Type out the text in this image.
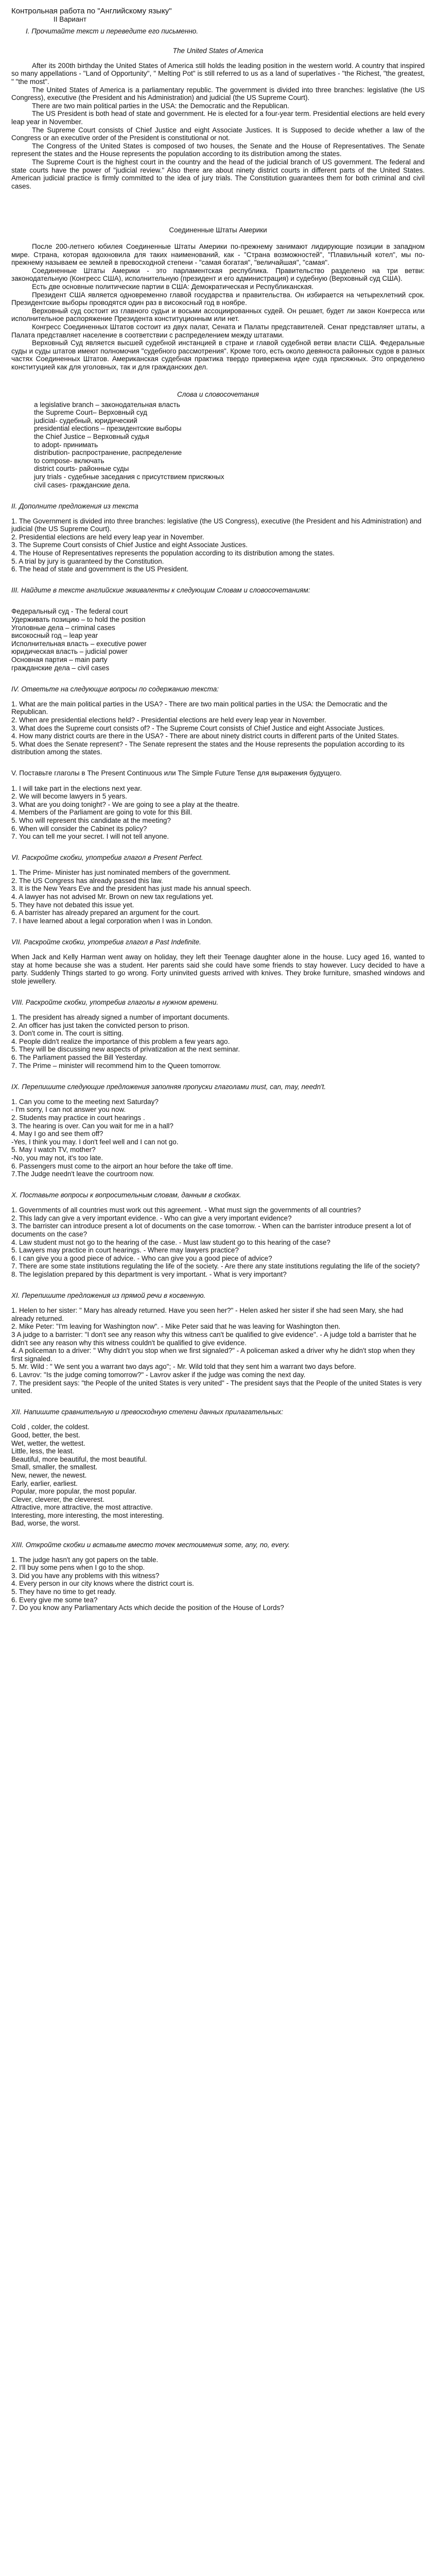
Контрольная работа по "Английскому языку"

II Вариант

I. Прочитайте текст и переведите его письменно.

The United States of America

After its 200th birthday the United States of America still holds the leading position in the western world. A country that inspired so many appellations - "Land of Opportunity", " Melting Pot" is still referred to us as a land of superlatives - "the Richest, "the greatest, " "the most".

The United States of America is a parliamentary republic. The government is divided into three branches: legislative (the US Congress), executive (the President and his Administration) and judicial (the US Supreme Court).

There are two main political parties in the USA: the Democratic and the Republican.

The US President is both head of state and government. He is elected for a four-year term. Presidential elections are held every leap year in November.

The Supreme Court consists of Chief Justice and eight Associate Justices. It is Supposed to decide whether a law of the Congress or an executive order of the President is constitutional or not.

The Congress of the United States is composed of two houses, the Senate and the House of Representatives. The Senate represent the states and the House represents the population according to its distribution among the states.

The Supreme Court is the highest court in the country and the head of the judicial branch of US government. The federal and state courts have the power of "judicial review." Also there are about ninety district courts in different parts of the United States. American judicial practice is firmly committed to the idea of jury trials. The Constitution guarantees them for both criminal and civil cases.

Соединенные Штаты Америки

После 200-летнего юбилея Соединенные Штаты Америки по-прежнему занимают лидирующие позиции в западном мире. Страна, которая вдохновила для таких наименований, как - "Страна возможностей", "Плавильный котел", мы по-прежнему называем ее землей в превосходной степени - "самая богатая", "величайшая", "самая".

Соединенные Штаты Америки - это парламентская республика. Правительство разделено на три ветви: законодательную (Конгресс США), исполнительную (президент и его администрация) и судебную (Верховный суд США).

Есть две основные политические партии в США: Демократическая и Республиканская.

Президент США является одновременно главой государства и правительства. Он избирается на четырехлетний срок. Президентские выборы проводятся один раз в високосный год в ноябре.

Верховный суд состоит из главного судьи и восьми ассоциированных судей. Он решает, будет ли закон Конгресса или исполнительное распоряжение Президента конституционным или нет.

Конгресс Соединенных Штатов состоит из двух палат, Сената и Палаты представителей. Сенат представляет штаты, а Палата представляет население в соответствии с распределением между штатами.

Верховный Суд является высшей судебной инстанцией в стране и главой судебной ветви власти США. Федеральные суды и суды штатов имеют полномочия "судебного рассмотрения". Кроме того, есть около девяноста районных судов в разных частях Соединенных Штатов. Американская судебная практика твердо привержена идее суда присяжных. Это определено конституцией как для уголовных, так и для гражданских дел.

Слова и словосочетания

a legislative branch – законодательная власть

the Supreme Court– Верховный суд

judicial- судебный, юридический

presidential elections – президентские выборы

the Chief Justice – Верховный судья

to adopt- принимать

distribution- распространение, распределение

to compose- включать

district courts- районные суды

jury trials - судебные заседания с присутствием присяжных

civil cases- гражданские дела.

II. Дополните предложения из текста

1. The Government is divided into three branches: legislative (the US Congress), executive (the President and his Administration) and judicial (the US Supreme Court).

2. Presidential elections are held every leap year in November.

3. The Supreme Court consists of Chief Justice and eight Associate Justices.

4. The House of Representatives represents the population according to its distribution among the states.

5. A trial by jury is guaranteed by the Constitution.

6. The head of state and government is the US President.

III. Найдите в тексте английские эквиваленты к следующим Словам и словосочетаниям:

Федеральный суд - The federal court

Удерживать позицию – to hold the position

Уголовные дела – criminal cases

високосный год – leap year

Исполнительная власть – executive power

юридическая власть – judicial power

Основная партия – main party

гражданские дела – civil cases

IV. Ответьте на следующие вопросы по содержанию текста:

1. What are the main political parties in the USA? - There are two main political parties in the USA: the Democratic and the Republican.

2. When are presidential elections held? - Presidential elections are held every leap year in November.

3. What does the Supreme court consists of? - The Supreme Court consists of Chief Justice and eight Associate Justices.

4. How many district courts are there in the USA? - There are about ninety district courts in different parts of the United States.

5. What does the Senate represent? - The Senate represent the states and the House represents the population according to its distribution among the states.

V. Поставьте глаголы в The Present Continuous или The Simple Future Tense для выражения будущего.

1. I will take part in the elections next year.

2. We will become lawyers in 5 years.

3. What are you doing tonight? - We are going to see a play at the theatre.

4. Members of the Parliament are going to vote for this Bill.

5. Who will represent this candidate at the meeting?

6. When will consider the Cabinet its policy?

7. You can tell me your secret. I will not tell anyone.

VI. Раскройте скобки, употребив глагол в Present Perfect.

1. The Prime- Minister has just nominated members of the government.

2. The US Congress has already passed this law.

3. It is the New Years Eve and the president has just made his annual speech.

4. A lawyer has not advised Mr. Brown on new tax regulations yet.

5. They have not debated this issue yet.

6. A barrister has already prepared an argument for the court.

7. I have learned about a legal corporation when I was in London.

VII. Раскройте скобки, употребив глагол в Past Indefinite.

When Jack and Kelly Harman went away on holiday, they left their Teenage daughter alone in the house. Lucy aged 16, wanted to stay at home because she was a student. Her parents said she could have some friends to stay however. Lucy decided to have a party. Suddenly Things started to go wrong. Forty uninvited guests arrived with knives. They broke furniture, smashed windows and stole jewellery.

VIII. Раскройте скобки, употребив глаголы в нужном времени.

1. The president has already signed a number of important documents.

2. An officer has just taken the convicted person to prison.

3. Don't come in. The court is sitting.

4. People didn't realize the importance of this problem a few years ago.

5. They will be discussing new aspects of privatization at the next seminar.

6. The Parliament passed the Bill Yesterday.

7. The Prime – minister will recommend him to the Queen tomorrow.

IX. Перепишите следующие предложения заполняя пропуски глаголами must, can, may, needn't.

1. Can you come to the meeting next Saturday?

- I'm sorry, I can not answer you now.

2. Students may practice in court hearings .

3. The hearing is over. Can you wait for me in a hall?

4. May I go and see them off?

-Yes, I think you may. I don't feel well and I can not go.

5. May I watch TV, mother?

-No, you may not, it's too late.

6. Passengers must come to the airport an hour before the take off time.

7.The Judge needn't leave the courtroom now.

X. Поставьте вопросы к вопросительным словам, данным в скобках.

1. Governments of all countries must work out this agreement. - What must sign the governments of all countries?

2. This lady can give a very important evidence. - Who can give a very important evidence?

3. The barrister can introduce present a lot of documents on the case tomorrow. - When can the barrister introduce present a lot of documents on the case?

4. Law student must not go to the hearing of the case. - Must law student go to this hearing of the case?

5. Lawyers may practice in court hearings. - Where may lawyers practice?

6. I can give you a good piece of advice. - Who can give you a good piece of advice?

7. There are some state institutions regulating the life of the society. - Are there any state institutions regulating the life of the society?

8. The legislation prepared by this department is very important. - What is very important?

XI. Перепишите предложения из прямой речи в косвенную.

1. Helen to her sister: " Mary has already returned. Have you seen her?" - Helen asked her sister if she had seen Mary, she had already returned.

2. Mike Peter: "I'm leaving for Washington now". - Mike Peter said that he was leaving for Washington then.

3 A judge to a barrister: "I don't see any reason why this witness can't be qualified to give evidence". - A judge told a barrister that he didn't see any reason why this witness couldn't be qualified to give evidence.

4. A policeman to a driver: " Why didn't you stop when we first signaled?" - A policeman asked a driver why he didn't stop when they first signaled.

5. Mr. Wild : " We sent you a warrant two days ago"; - Mr. Wild told that they sent him a warrant two days before.

6. Lavrov: "Is the judge coming tomorrow?" - Lavrov asker if the judge was coming the next day.

7. The president says: "the People of the united States is very united" - The president says that the People of the united States is very united.

XII. Напишите сравнительную и превосходную степени данных прилагательных:

Cold , colder, the coldest.

Good, better, the best.

Wet, wetter, the wettest.

Little, less, the least.

Beautiful, more beautiful, the most beautiful.

Small, smaller, the smallest.

New, newer, the newest.

Early, earlier, earliest.

Popular, more popular, the most popular.

Clever, cleverer, the cleverest.

Attractive, more attractive, the most attractive.

Interesting, more interesting, the most interesting.

Bad, worse, the worst.

XIII. Откройте скобки и вставьте вместо точек местоимения some, any, no, every.

1. The judge hasn't any got papers on the table.

2. I'll buy some pens when I go to the shop.

3. Did you have any problems with this witness?

4. Every person in our city knows where the district court is.

5. They have no time to get ready.

6. Every give me some tea?

7. Do you know any Parliamentary Acts which decide the position of the House of Lords?
